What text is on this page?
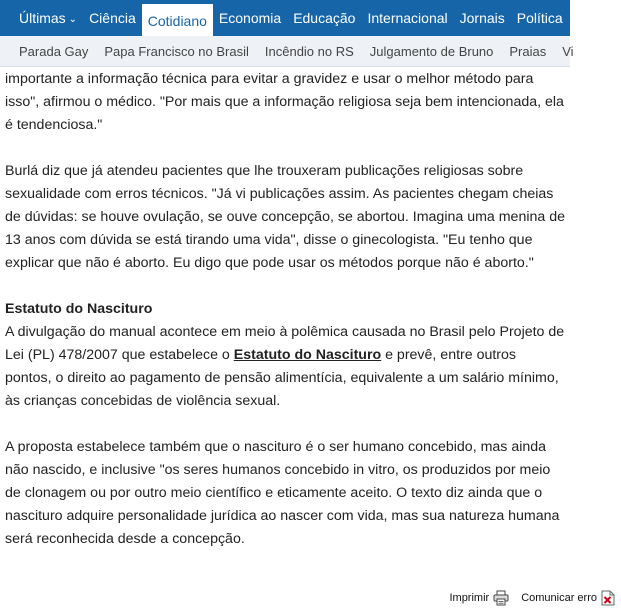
Últimas ⌄ Ciência Cotidiano Economia Educação Internacional Jornais Política Saúde
Parada Gay	Papa Francisco no Brasil	Incêndio no RS	Julgamento de Bruno	Praias	Vi

importante a informação técnica para evitar a gravidez e usar o melhor método para isso", afirmou o médico. "Por mais que a informação religiosa seja bem intencionada, ela é tendenciosa."

Burlá diz que já atendeu pacientes que lhe trouxeram publicações religiosas sobre sexualidade com erros técnicos. "Já vi publicações assim. As pacientes chegam cheias de dúvidas: se houve ovulação, se ouve concepção, se abortou. Imagina uma menina de 13 anos com dúvida se está tirando uma vida", disse o ginecologista. "Eu tenho que explicar que não é aborto. Eu digo que pode usar os métodos porque não é aborto."

Estatuto do Nascituro

A divulgação do manual acontece em meio à polêmica causada no Brasil pelo Projeto de Lei (PL) 478/2007 que estabelece o Estatuto do Nascituro e prevê, entre outros pontos, o direito ao pagamento de pensão alimentícia, equivalente a um salário mínimo, às crianças concebidas de violência sexual.

A proposta estabelece também que o nascituro é o ser humano concebido, mas ainda não nascido, e inclusive "os seres humanos concebido in vitro, os produzidos por meio de clonagem ou por outro meio científico e eticamente aceito. O texto diz ainda que o nascituro adquire personalidade jurídica ao nascer com vida, mas sua natureza humana será reconhecida desde a concepção.

Imprimir	Comunicar erro
